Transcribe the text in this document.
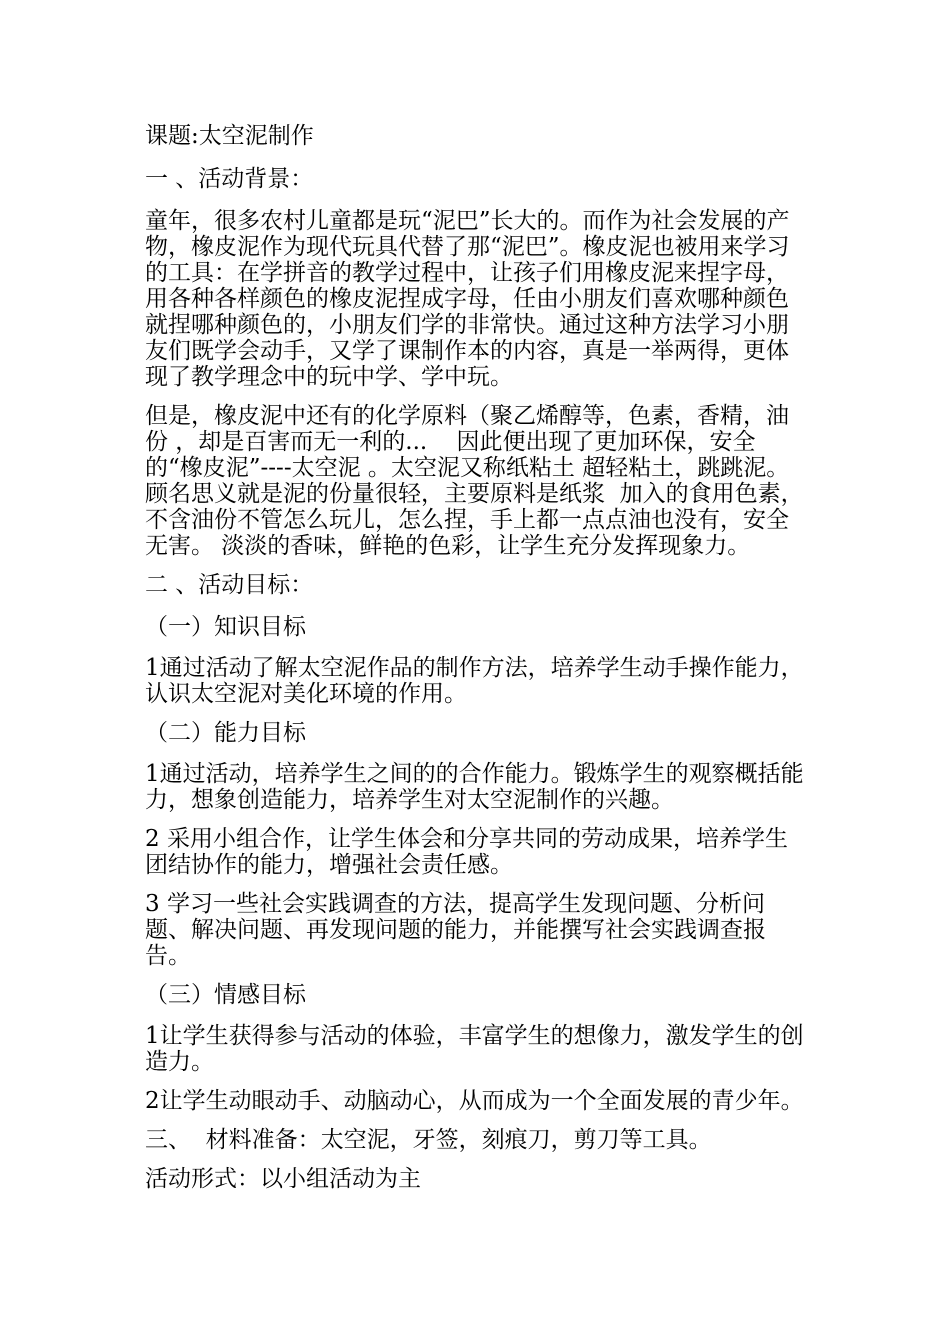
课题:太空泥制作

一 、活动背景：

童年，很多农村儿童都是玩“泥巴”长大的。而作为社会发展的产物，橡皮泥作为现代玩具代替了那“泥巴”。橡皮泥也被用来学习的工具：在学拼音的教学过程中，让孩子们用橡皮泥来捏字母，用各种各样颜色的橡皮泥捏成字母，任由小朋友们喜欢哪种颜色就捏哪种颜色的，小朋友们学的非常快。通过这种方法学习小朋友们既学会动手，又学了课制作本的内容，真是一举两得，更体现了教学理念中的玩中学、学中玩。

但是，橡皮泥中还有的化学原料（聚乙烯醇等，色素，香精，油份 ，却是百害而无一利的...    因此便出现了更加环保，安全的“橡皮泥”----太空泥 。太空泥又称纸粘土 超轻粘土，跳跳泥。顾名思义就是泥的份量很轻，主要原料是纸浆  加入的食用色素，不含油份不管怎么玩儿，怎么捏，手上都一点点油也没有，安全无害。 淡淡的香味，鲜艳的色彩，让学生充分发挥现象力。

二 、活动目标：

（一）知识目标

1通过活动了解太空泥作品的制作方法，培养学生动手操作能力，认识太空泥对美化环境的作用。

（二）能力目标

1通过活动，培养学生之间的的合作能力。锻炼学生的观察概括能力，想象创造能力，培养学生对太空泥制作的兴趣。

2 采用小组合作，让学生体会和分享共同的劳动成果，培养学生团结协作的能力，增强社会责任感。

3 学习一些社会实践调查的方法，提高学生发现问题、分析问题、解决问题、再发现问题的能力，并能撰写社会实践调查报告。

（三）情感目标

1让学生获得参与活动的体验，丰富学生的想像力，激发学生的创造力。

2让学生动眼动手、动脑动心，从而成为一个全面发展的青少年。

三、  材料准备：太空泥，牙签，刻痕刀，剪刀等工具。

活动形式：以小组活动为主
